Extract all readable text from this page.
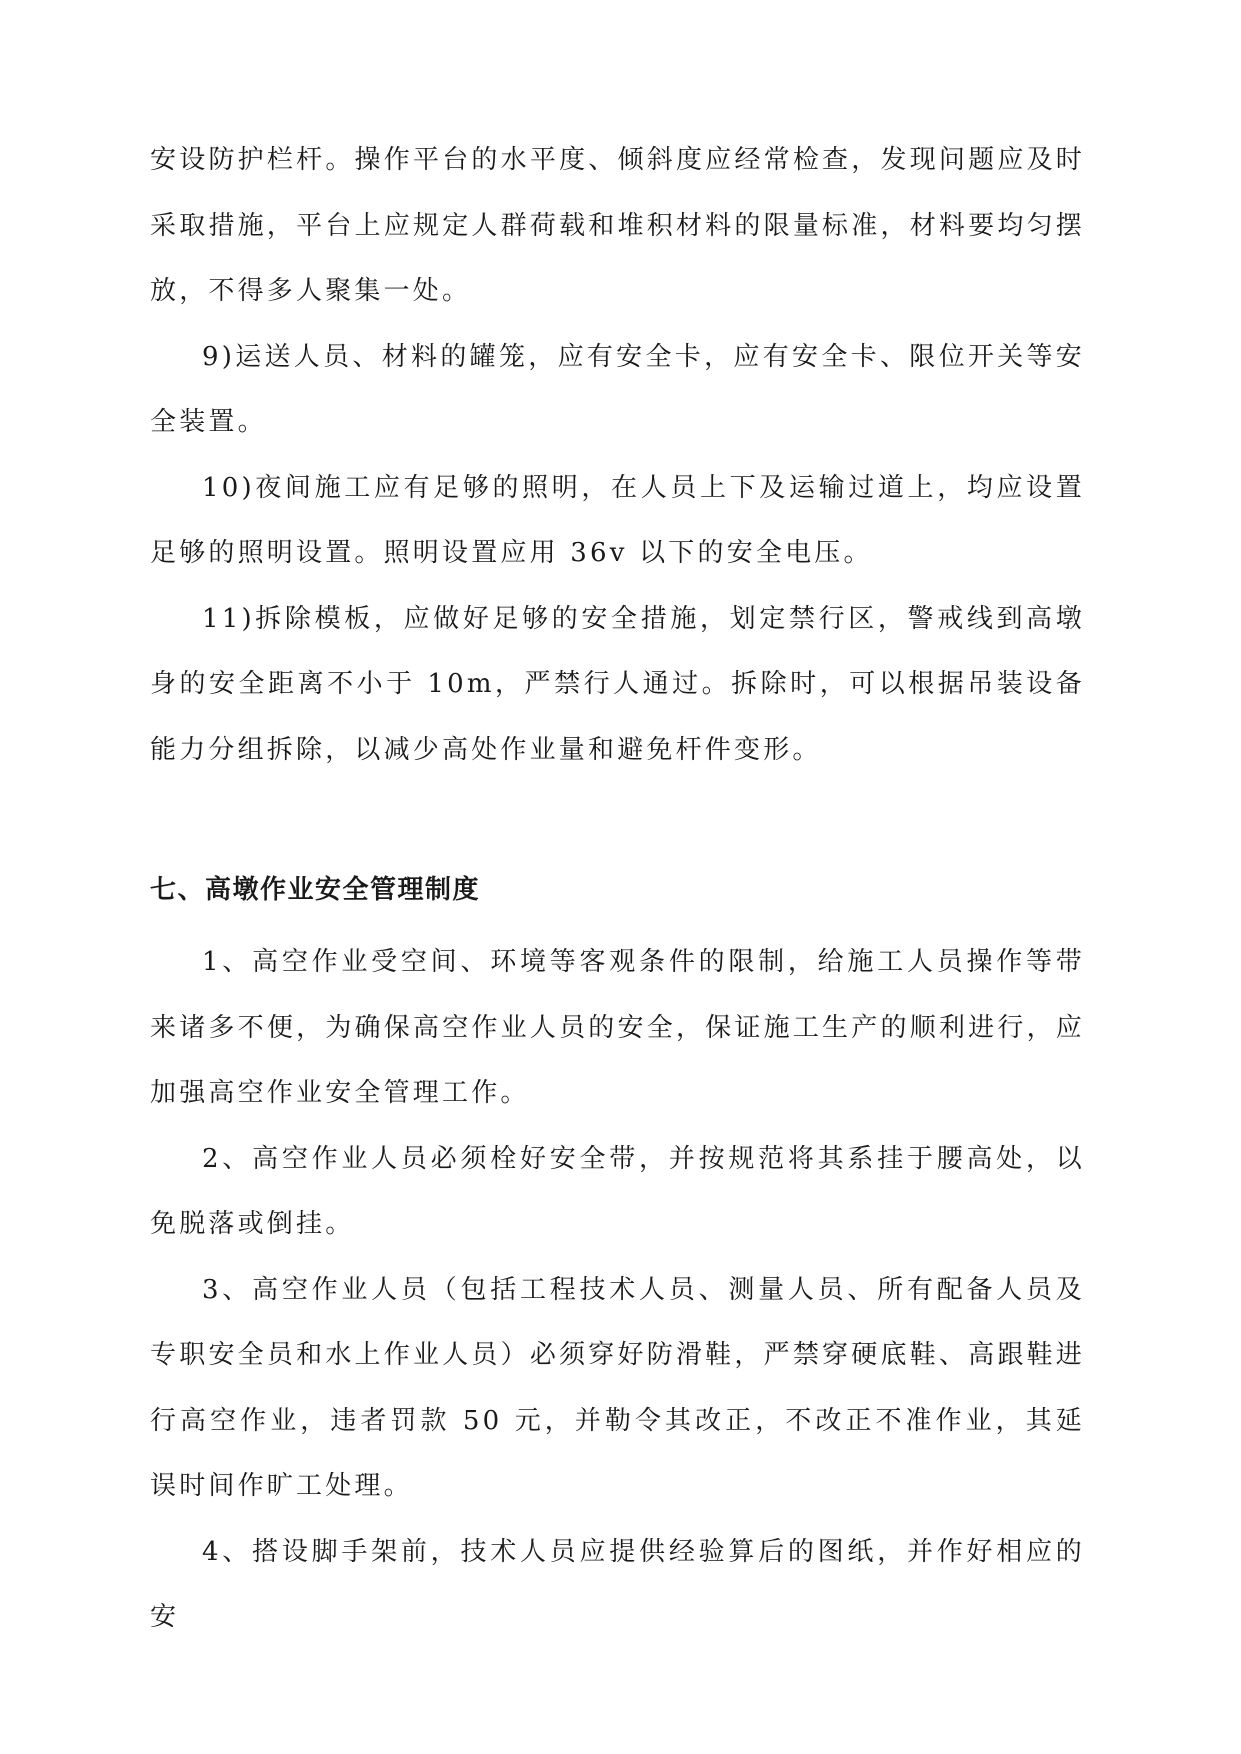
安设防护栏杆。操作平台的水平度、倾斜度应经常检查，发现问题应及时采取措施，平台上应规定人群荷载和堆积材料的限量标准，材料要均匀摆放，不得多人聚集一处。

9)运送人员、材料的罐笼，应有安全卡，应有安全卡、限位开关等安全装置。

10)夜间施工应有足够的照明，在人员上下及运输过道上，均应设置足够的照明设置。照明设置应用 36v 以下的安全电压。

11)拆除模板，应做好足够的安全措施，划定禁行区，警戒线到高墩身的安全距离不小于 10m，严禁行人通过。拆除时，可以根据吊装设备能力分组拆除，以减少高处作业量和避免杆件变形。

七、高墩作业安全管理制度

1、高空作业受空间、环境等客观条件的限制，给施工人员操作等带来诸多不便，为确保高空作业人员的安全，保证施工生产的顺利进行，应加强高空作业安全管理工作。

2、高空作业人员必须栓好安全带，并按规范将其系挂于腰高处，以免脱落或倒挂。

3、高空作业人员（包括工程技术人员、测量人员、所有配备人员及专职安全员和水上作业人员）必须穿好防滑鞋，严禁穿硬底鞋、高跟鞋进行高空作业，违者罚款 50 元，并勒令其改正，不改正不准作业，其延误时间作旷工处理。

4、搭设脚手架前，技术人员应提供经验算后的图纸，并作好相应的安
